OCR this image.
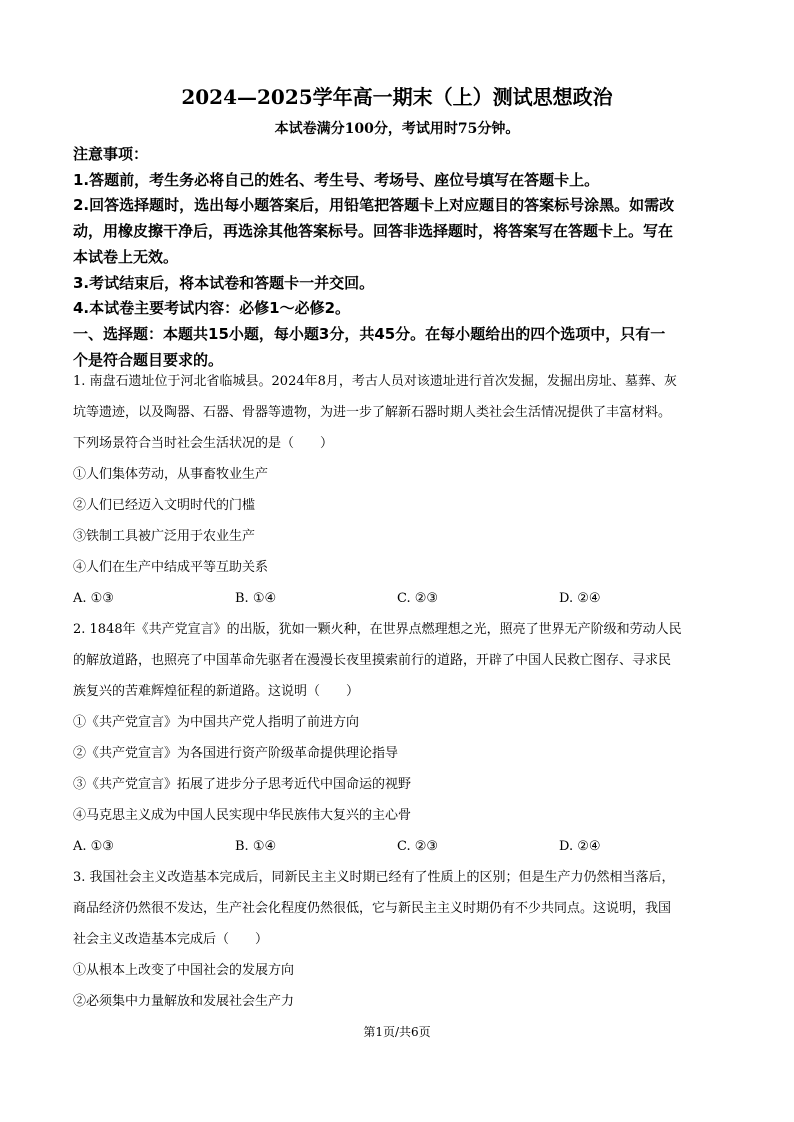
2024—2025学年高一期末（上）测试思想政治
本试卷满分100分，考试用时75分钟。

注意事项：

1.答题前，考生务必将自己的姓名、考生号、考场号、座位号填写在答题卡上。

2.回答选择题时，选出每小题答案后，用铅笔把答题卡上对应题目的答案标号涂黑。如需改

动，用橡皮擦干净后，再选涂其他答案标号。回答非选择题时，将答案写在答题卡上。写在

本试卷上无效。

3.考试结束后，将本试卷和答题卡一并交回。

4.本试卷主要考试内容：必修1～必修2。

一、选择题：本题共15小题，每小题3分，共45分。在每小题给出的四个选项中，只有一

个是符合题目要求的。

1. 南盘石遗址位于河北省临城县。2024年8月，考古人员对该遗址进行首次发掘，发掘出房址、墓葬、灰

坑等遗迹，以及陶器、石器、骨器等遗物，为进一步了解新石器时期人类社会生活情况提供了丰富材料。

下列场景符合当时社会生活状况的是（　　）

①人们集体劳动，从事畜牧业生产

②人们已经迈入文明时代的门槛

③铁制工具被广泛用于农业生产

④人们在生产中结成平等互助关系

A. ①③	B. ①④	C. ②③	D. ②④

2. 1848年《共产党宣言》的出版，犹如一颗火种，在世界点燃理想之光，照亮了世界无产阶级和劳动人民

的解放道路，也照亮了中国革命先驱者在漫漫长夜里摸索前行的道路，开辟了中国人民救亡图存、寻求民

族复兴的苦难辉煌征程的新道路。这说明（　　）

①《共产党宣言》为中国共产党人指明了前进方向

②《共产党宣言》为各国进行资产阶级革命提供理论指导

③《共产党宣言》拓展了进步分子思考近代中国命运的视野

④马克思主义成为中国人民实现中华民族伟大复兴的主心骨

A. ①③	B. ①④	C. ②③	D. ②④

3. 我国社会主义改造基本完成后，同新民主主义时期已经有了性质上的区别；但是生产力仍然相当落后，

商品经济仍然很不发达，生产社会化程度仍然很低，它与新民主主义时期仍有不少共同点。这说明，我国

社会主义改造基本完成后（　　）

①从根本上改变了中国社会的发展方向

②必须集中力量解放和发展社会生产力

第1页/共6页
